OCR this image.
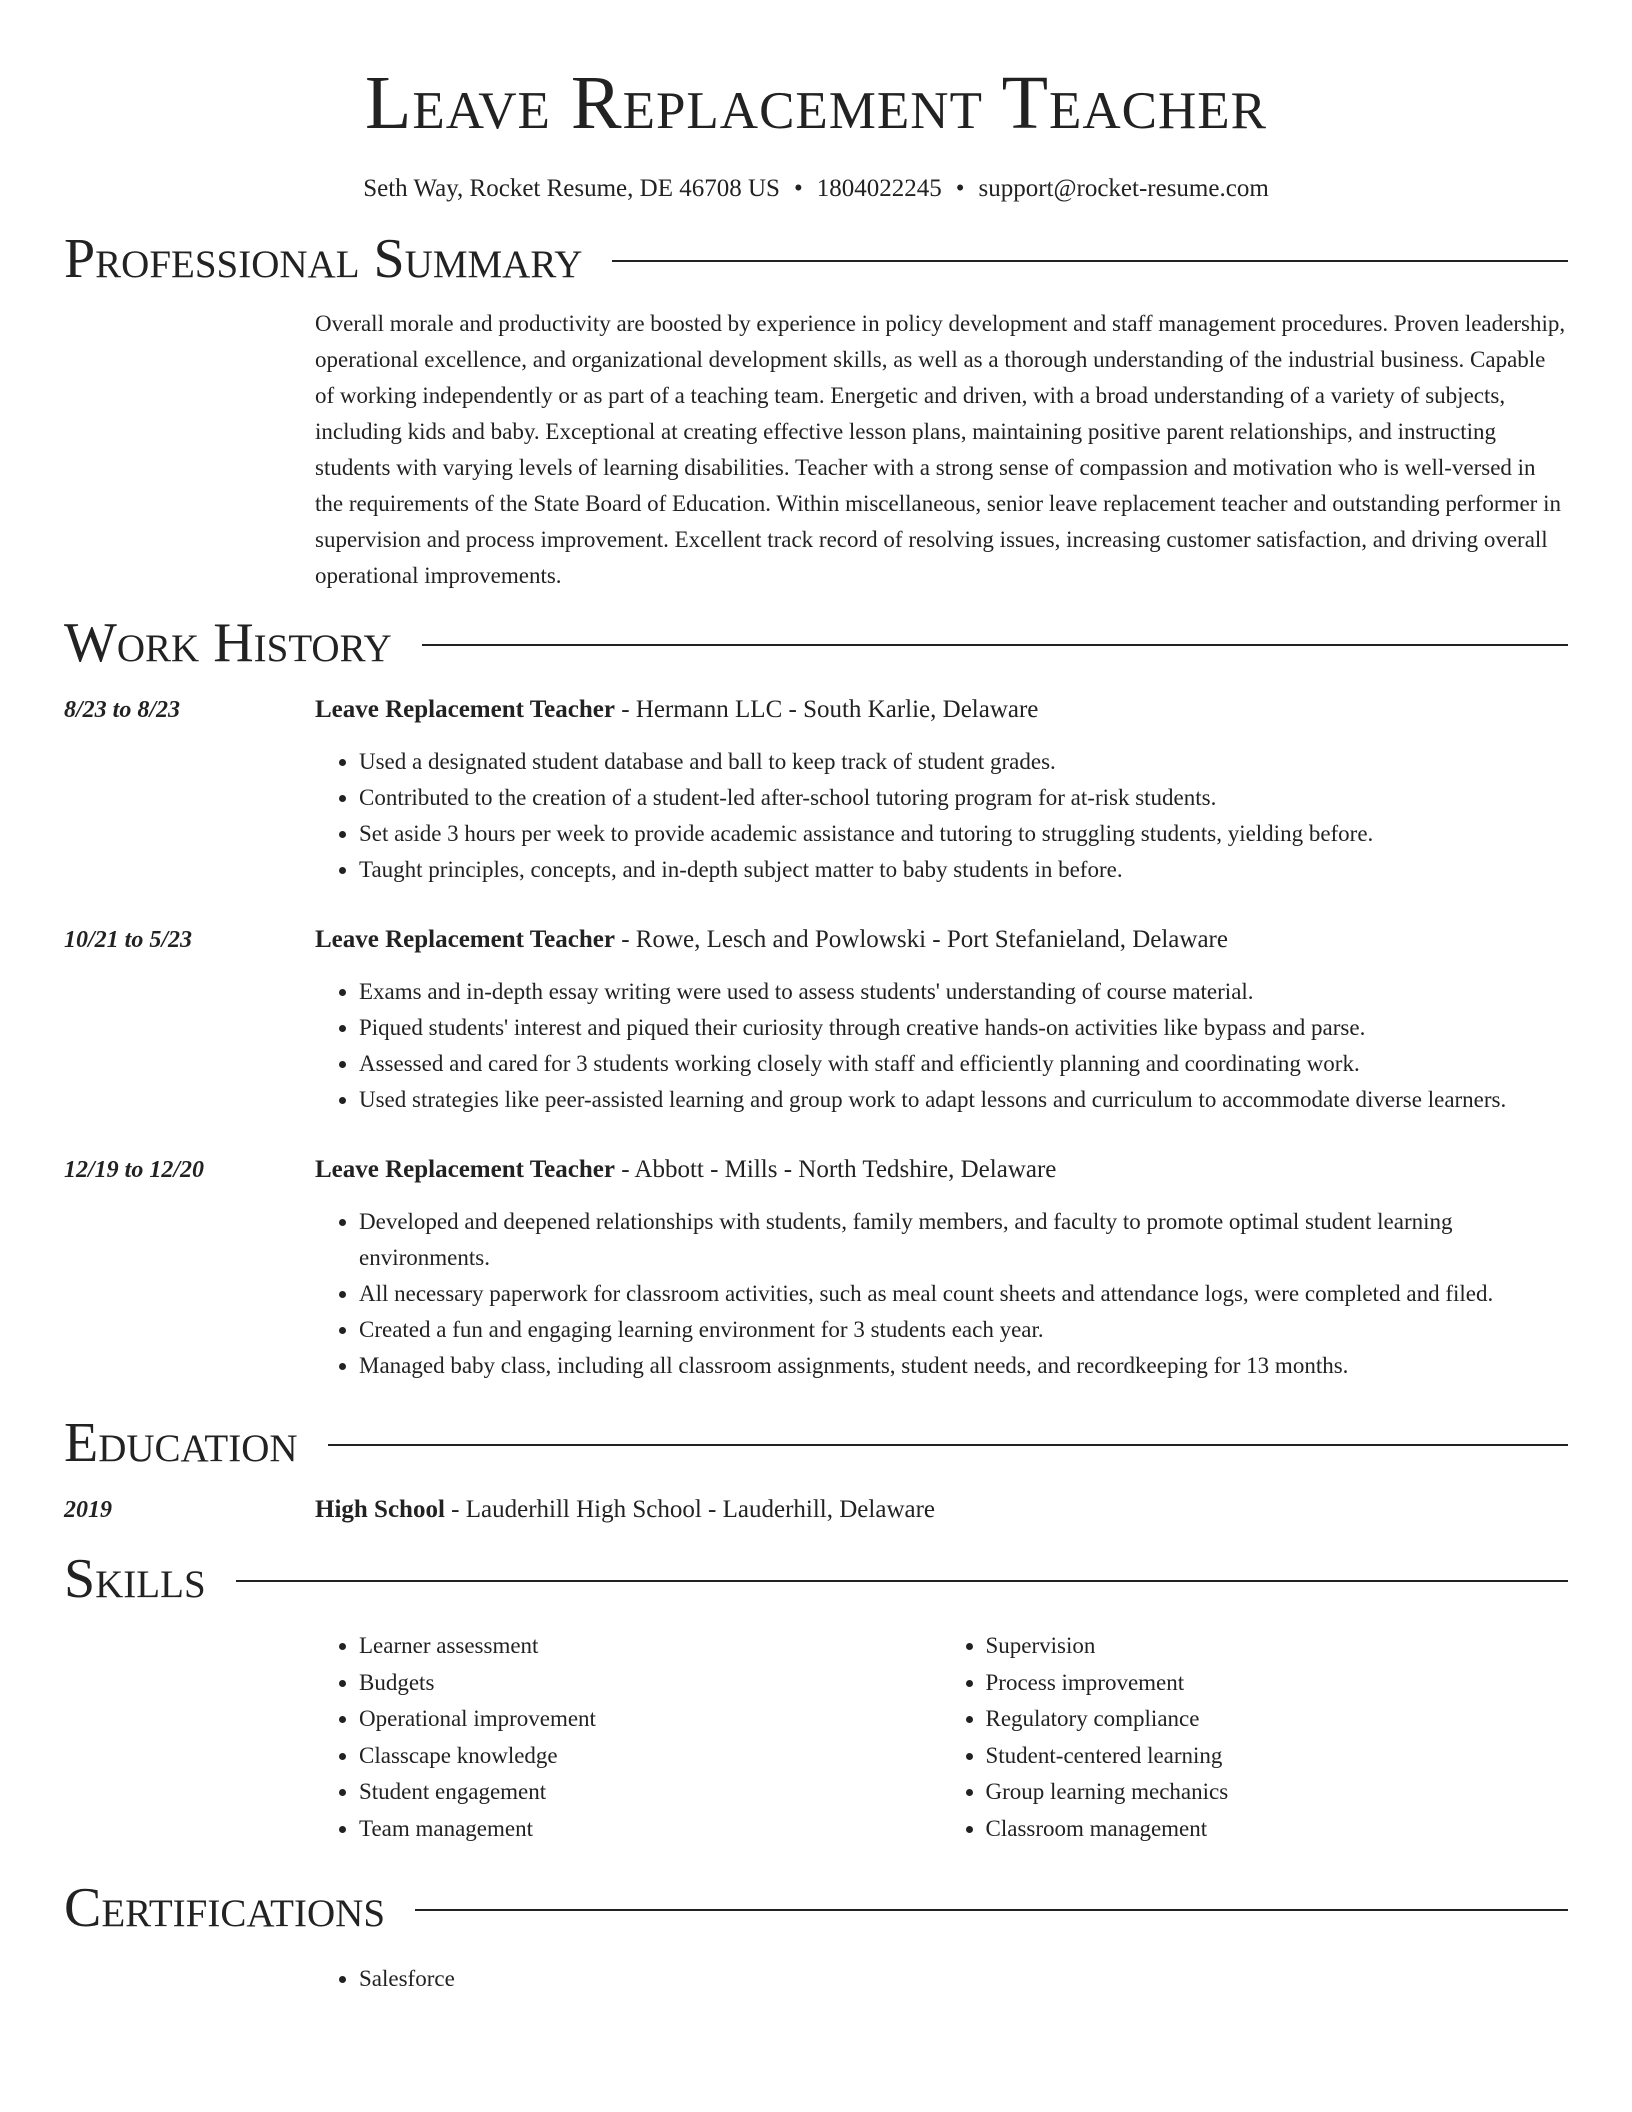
Leave Replacement Teacher
Seth Way, Rocket Resume, DE 46708 US • 1804022245 • support@rocket-resume.com
Professional Summary
Overall morale and productivity are boosted by experience in policy development and staff management procedures. Proven leadership, operational excellence, and organizational development skills, as well as a thorough understanding of the industrial business. Capable of working independently or as part of a teaching team. Energetic and driven, with a broad understanding of a variety of subjects, including kids and baby. Exceptional at creating effective lesson plans, maintaining positive parent relationships, and instructing students with varying levels of learning disabilities. Teacher with a strong sense of compassion and motivation who is well-versed in the requirements of the State Board of Education. Within miscellaneous, senior leave replacement teacher and outstanding performer in supervision and process improvement. Excellent track record of resolving issues, increasing customer satisfaction, and driving overall operational improvements.
Work History
8/23 to 8/23	Leave Replacement Teacher - Hermann LLC - South Karlie, Delaware
• Used a designated student database and ball to keep track of student grades.
• Contributed to the creation of a student-led after-school tutoring program for at-risk students.
• Set aside 3 hours per week to provide academic assistance and tutoring to struggling students, yielding before.
• Taught principles, concepts, and in-depth subject matter to baby students in before.
10/21 to 5/23	Leave Replacement Teacher - Rowe, Lesch and Powlowski - Port Stefanieland, Delaware
• Exams and in-depth essay writing were used to assess students' understanding of course material.
• Piqued students' interest and piqued their curiosity through creative hands-on activities like bypass and parse.
• Assessed and cared for 3 students working closely with staff and efficiently planning and coordinating work.
• Used strategies like peer-assisted learning and group work to adapt lessons and curriculum to accommodate diverse learners.
12/19 to 12/20	Leave Replacement Teacher - Abbott - Mills - North Tedshire, Delaware
• Developed and deepened relationships with students, family members, and faculty to promote optimal student learning environments.
• All necessary paperwork for classroom activities, such as meal count sheets and attendance logs, were completed and filed.
• Created a fun and engaging learning environment for 3 students each year.
• Managed baby class, including all classroom assignments, student needs, and recordkeeping for 13 months.
Education
2019	High School - Lauderhill High School - Lauderhill, Delaware
Skills
• Learner assessment
• Budgets
• Operational improvement
• Classcape knowledge
• Student engagement
• Team management
• Supervision
• Process improvement
• Regulatory compliance
• Student-centered learning
• Group learning mechanics
• Classroom management
Certifications
• Salesforce
